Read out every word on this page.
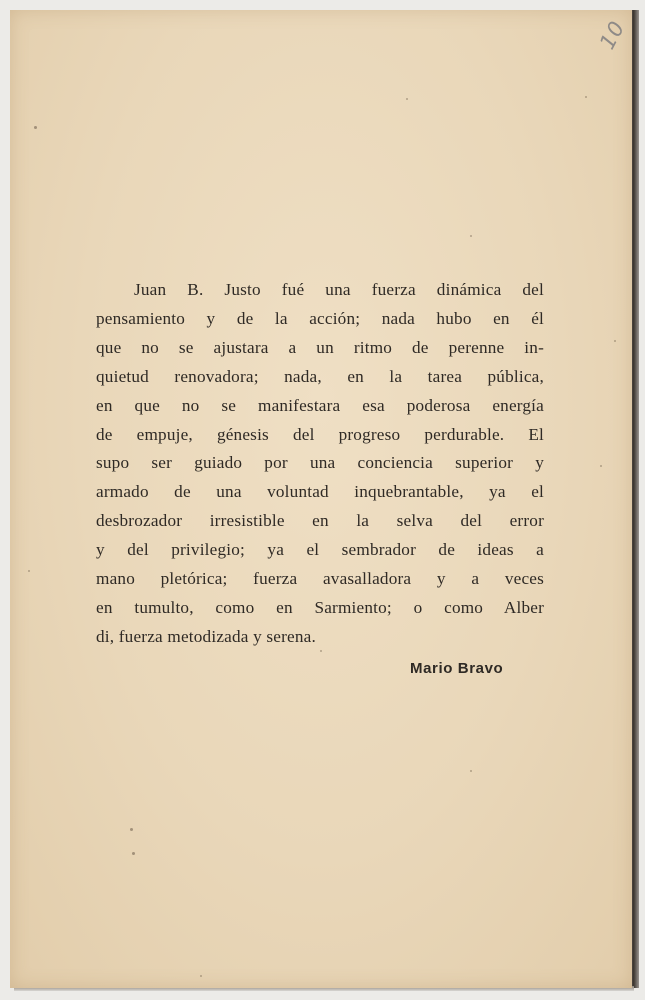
10
Juan B. Justo fué una fuerza dinámica del
pensamiento y de la acción; nada hubo en él
que no se ajustara a un ritmo de perenne in-
quietud renovadora; nada, en la tarea pública,
en que no se manifestara esa poderosa energía
de empuje, génesis del progreso perdurable. El
supo ser guiado por una conciencia superior y
armado de una voluntad inquebrantable, ya el
desbrozador irresistible en la selva del error
y del privilegio; ya el sembrador de ideas a
mano pletórica; fuerza avasalladora y a veces
en tumulto, como en Sarmiento; o como Alber
di, fuerza metodizada y serena.
Mario Bravo
